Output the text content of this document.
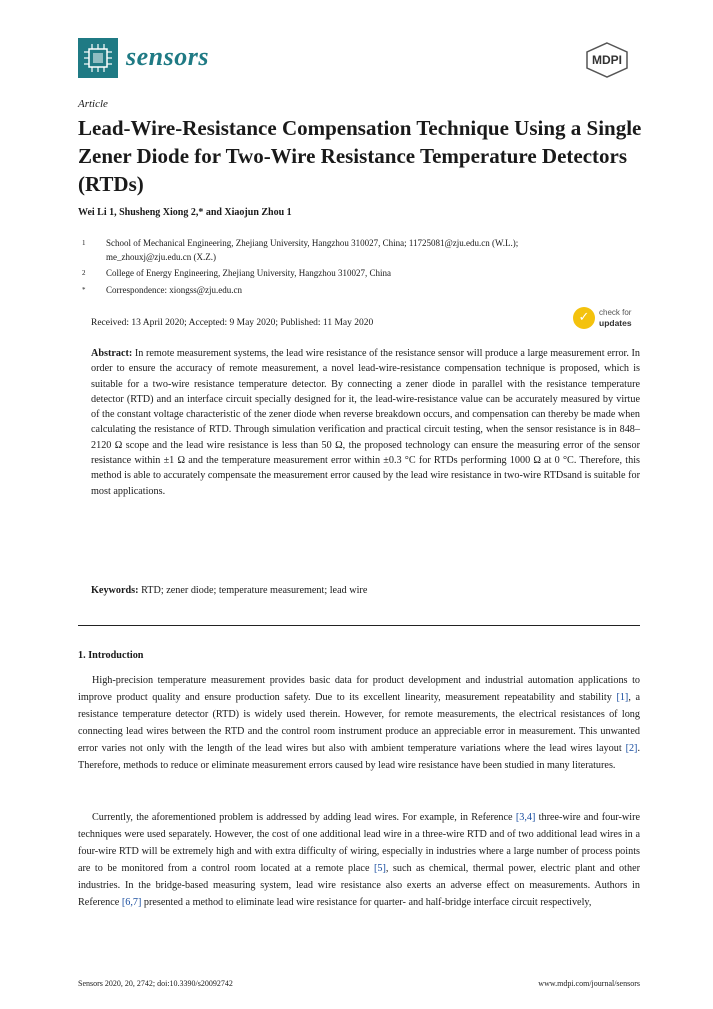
sensors	MDPI
Article
Lead-Wire-Resistance Compensation Technique Using a Single Zener Diode for Two-Wire Resistance Temperature Detectors (RTDs)
Wei Li 1, Shusheng Xiong 2,* and Xiaojun Zhou 1
1 School of Mechanical Engineering, Zhejiang University, Hangzhou 310027, China; 11725081@zju.edu.cn (W.L.); me_zhouxj@zju.edu.cn (X.Z.)
2 College of Energy Engineering, Zhejiang University, Hangzhou 310027, China
* Correspondence: xiongss@zju.edu.cn
Received: 13 April 2020; Accepted: 9 May 2020; Published: 11 May 2020	✓	check for
updates
Abstract: In remote measurement systems, the lead wire resistance of the resistance sensor will produce a large measurement error. In order to ensure the accuracy of remote measurement, a novel lead-wire-resistance compensation technique is proposed, which is suitable for a two-wire resistance temperature detector. By connecting a zener diode in parallel with the resistance temperature detector (RTD) and an interface circuit specially designed for it, the lead-wire-resistance value can be accurately measured by virtue of the constant voltage characteristic of the zener diode when reverse breakdown occurs, and compensation can thereby be made when calculating the resistance of RTD. Through simulation verification and practical circuit testing, when the sensor resistance is in 848–2120 Ω scope and the lead wire resistance is less than 50 Ω, the proposed technology can ensure the measuring error of the sensor resistance within ±1 Ω and the temperature measurement error within ±0.3 °C for RTDs performing 1000 Ω at 0 °C. Therefore, this method is able to accurately compensate the measurement error caused by the lead wire resistance in two-wire RTDsand is suitable for most applications.
Keywords: RTD; zener diode; temperature measurement; lead wire
1. Introduction
High-precision temperature measurement provides basic data for product development and industrial automation applications to improve product quality and ensure production safety. Due to its excellent linearity, measurement repeatability and stability [1], a resistance temperature detector (RTD) is widely used therein. However, for remote measurements, the electrical resistances of long connecting lead wires between the RTD and the control room instrument produce an appreciable error in measurement. This unwanted error varies not only with the length of the lead wires but also with ambient temperature variations where the lead wires layout [2]. Therefore, methods to reduce or eliminate measurement errors caused by lead wire resistance have been studied in many literatures.
Currently, the aforementioned problem is addressed by adding lead wires. For example, in Reference [3,4] three-wire and four-wire techniques were used separately. However, the cost of one additional lead wire in a three-wire RTD and of two additional lead wires in a four-wire RTD will be extremely high and with extra difficulty of wiring, especially in industries where a large number of process points are to be monitored from a control room located at a remote place [5], such as chemical, thermal power, electric plant and other industries. In the bridge-based measuring system, lead wire resistance also exerts an adverse effect on measurements. Authors in Reference [6,7] presented a method to eliminate lead wire resistance for quarter- and half-bridge interface circuit respectively,
Sensors 2020, 20, 2742; doi:10.3390/s20092742	www.mdpi.com/journal/sensors
